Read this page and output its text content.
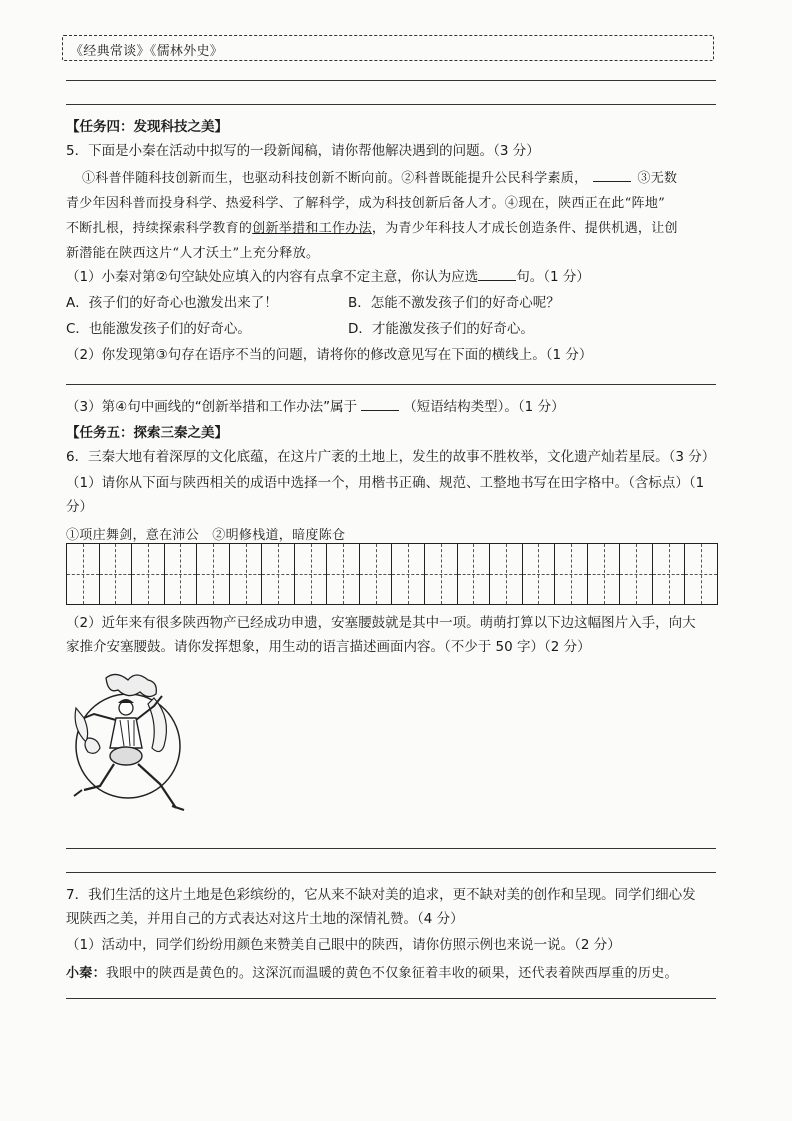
《经典常谈》《儒林外史》
【任务四：发现科技之美】
5．下面是小秦在活动中拟写的一段新闻稿，请你帮他解决遇到的问题。（3 分）
①科普伴随科技创新而生，也驱动科技创新不断向前。②科普既能提升公民科学素质，	③无数
青少年因科普而投身科学、热爱科学、了解科学，成为科技创新后备人才。④现在，陕西正在此“阵地”
不断扎根，持续探索科学教育的创新举措和工作办法，为青少年科技人才成长创造条件、提供机遇，让创
新潜能在陕西这片“人才沃土”上充分释放。
（1）小秦对第②句空缺处应填入的内容有点拿不定主意，你认为应选	句。（1 分）
A．孩子们的好奇心也激发出来了！	B．怎能不激发孩子们的好奇心呢？
C．也能激发孩子们的好奇心。	D．才能激发孩子们的好奇心。
（2）你发现第③句存在语序不当的问题，请将你的修改意见写在下面的横线上。（1 分）
（3）第④句中画线的“创新举措和工作办法”属于	（短语结构类型）。（1 分）
【任务五：探索三秦之美】
6．三秦大地有着深厚的文化底蕴，在这片广袤的土地上，发生的故事不胜枚举，文化遗产灿若星辰。（3 分）
（1）请你从下面与陕西相关的成语中选择一个，用楷书正确、规范、工整地书写在田字格中。（含标点）（1
分）
①项庄舞剑，意在沛公　②明修栈道，暗度陈仓
（2）近年来有很多陕西物产已经成功申遗，安塞腰鼓就是其中一项。萌萌打算以下边这幅图片入手，向大
家推介安塞腰鼓。请你发挥想象，用生动的语言描述画面内容。（不少于 50 字）（2 分）
7．我们生活的这片土地是色彩缤纷的，它从来不缺对美的追求，更不缺对美的创作和呈现。同学们细心发
现陕西之美，并用自己的方式表达对这片土地的深情礼赞。（4 分）
（1）活动中，同学们纷纷用颜色来赞美自己眼中的陕西，请你仿照示例也来说一说。（2 分）
小秦：我眼中的陕西是黄色的。这深沉而温暖的黄色不仅象征着丰收的硕果，还代表着陕西厚重的历史。
